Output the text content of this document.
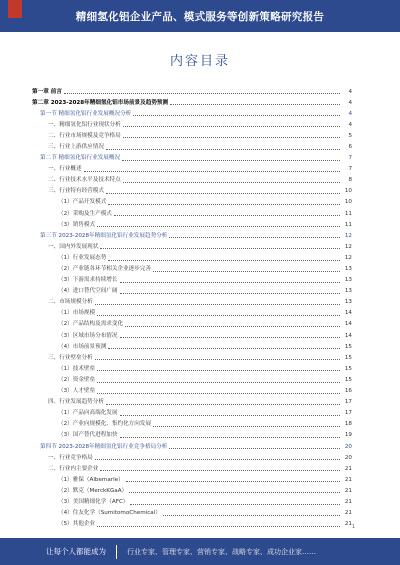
精细氢化铝企业产品、模式服务等创新策略研究报告
内容目录
第一章 前言	4
第二章 2023-2028年精细氢化铝市场前景及趋势预测	4
第一节 精细氢化铝行业发展概况分析	4
一、精细氢化铝行业现状分析	4
二、行业市场规模及竞争格局	5
三、行业上游供应情况	6
第二节 精细氢化铝行业发展概况	7
一、行业概述	7
二、行业技术水平及技术特点	8
三、行业特有经营模式	10
（1）产品开发模式	10
（2）采购及生产模式	11
（3）销售模式	11
第三节 2023-2028年精细氢化铝行业发展趋势分析	12
一、国内外发展现状	12
（1）行业发展态势	12
（2）产业链各环节相关企业逐步完善	13
（3）下游需求持续增长	13
（4）进口替代空间广阔	13
二、市场规模分析	13
（1）市场规模	14
（2）产品结构及需求变化	14
（3）区域市场分布情况	14
（4）市场前景预测	15
三、行业壁垒分析	15
（1）技术壁垒	15
（2）资金壁垒	15
（3）人才壁垒	16
四、行业发展趋势分析	17
（1）产品向高端化发展	17
（2）产业向规模化、集约化方向发展	18
（3）国产替代进程加快	19
第四节 2023-2028年精细氢化铝行业竞争格局分析	20
一、行业竞争格局	20
二、行业内主要企业	21
（1）雅保（Albemarle）	21
（2）默克（MerckKGaA）	21
（3）美国精细化学（AFC）	21
（4）住友化学（SumitomoChemical）	21
（5）其他企业	21 1
让每个人都能成为	行业专家、管理专家、营销专家、战略专家、成功企业家……
